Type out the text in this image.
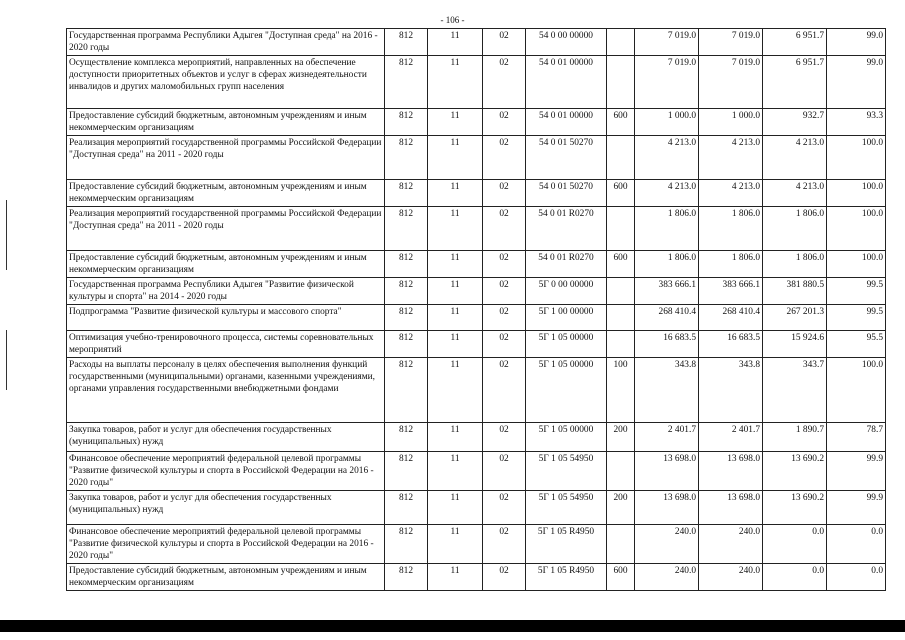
- 106 -
Государственная программа Республики Адыгея "Доступная среда" на 2016 - 2020 годы	812	11	02	54 0 00 00000		7 019.0	7 019.0	6 951.7	99.0
Осуществление комплекса мероприятий, направленных на обеспечение доступности приоритетных объектов и услуг в сферах жизнедеятельности инвалидов и других маломобильных групп населения	812	11	02	54 0 01 00000		7 019.0	7 019.0	6 951.7	99.0
Предоставление субсидий бюджетным, автономным учреждениям и иным некоммерческим организациям	812	11	02	54 0 01 00000	600	1 000.0	1 000.0	932.7	93.3
Реализация мероприятий государственной программы Российской Федерации "Доступная среда" на 2011 - 2020 годы	812	11	02	54 0 01 50270		4 213.0	4 213.0	4 213.0	100.0
Предоставление субсидий бюджетным, автономным учреждениям и иным некоммерческим организациям	812	11	02	54 0 01 50270	600	4 213.0	4 213.0	4 213.0	100.0
Реализация мероприятий государственной программы Российской Федерации "Доступная среда" на 2011 - 2020 годы	812	11	02	54 0 01 R0270		1 806.0	1 806.0	1 806.0	100.0
Предоставление субсидий бюджетным, автономным учреждениям и иным некоммерческим организациям	812	11	02	54 0 01 R0270	600	1 806.0	1 806.0	1 806.0	100.0
Государственная программа Республики Адыгея "Развитие физической культуры и спорта" на 2014 - 2020 годы	812	11	02	5Г 0 00 00000		383 666.1	383 666.1	381 880.5	99.5
Подпрограмма "Развитие физической культуры и массового спорта"	812	11	02	5Г 1 00 00000		268 410.4	268 410.4	267 201.3	99.5
Оптимизация учебно-тренировочного процесса, системы соревновательных мероприятий	812	11	02	5Г 1 05 00000		16 683.5	16 683.5	15 924.6	95.5
Расходы на выплаты персоналу в целях обеспечения выполнения функций государственными (муниципальными) органами, казенными учреждениями, органами управления государственными внебюджетными фондами	812	11	02	5Г 1 05 00000	100	343.8	343.8	343.7	100.0
Закупка товаров, работ и услуг для обеспечения государственных (муниципальных) нужд	812	11	02	5Г 1 05 00000	200	2 401.7	2 401.7	1 890.7	78.7
Финансовое обеспечение мероприятий федеральной целевой программы "Развитие физической культуры и спорта в Российской Федерации на 2016 - 2020 годы"	812	11	02	5Г 1 05 54950		13 698.0	13 698.0	13 690.2	99.9
Закупка товаров, работ и услуг для обеспечения государственных (муниципальных) нужд	812	11	02	5Г 1 05 54950	200	13 698.0	13 698.0	13 690.2	99.9
Финансовое обеспечение мероприятий федеральной целевой программы "Развитие физической культуры и спорта в Российской Федерации на 2016 - 2020 годы"	812	11	02	5Г 1 05 R4950		240.0	240.0	0.0	0.0
Предоставление субсидий бюджетным, автономным учреждениям и иным некоммерческим организациям	812	11	02	5Г 1 05 R4950	600	240.0	240.0	0.0	0.0
